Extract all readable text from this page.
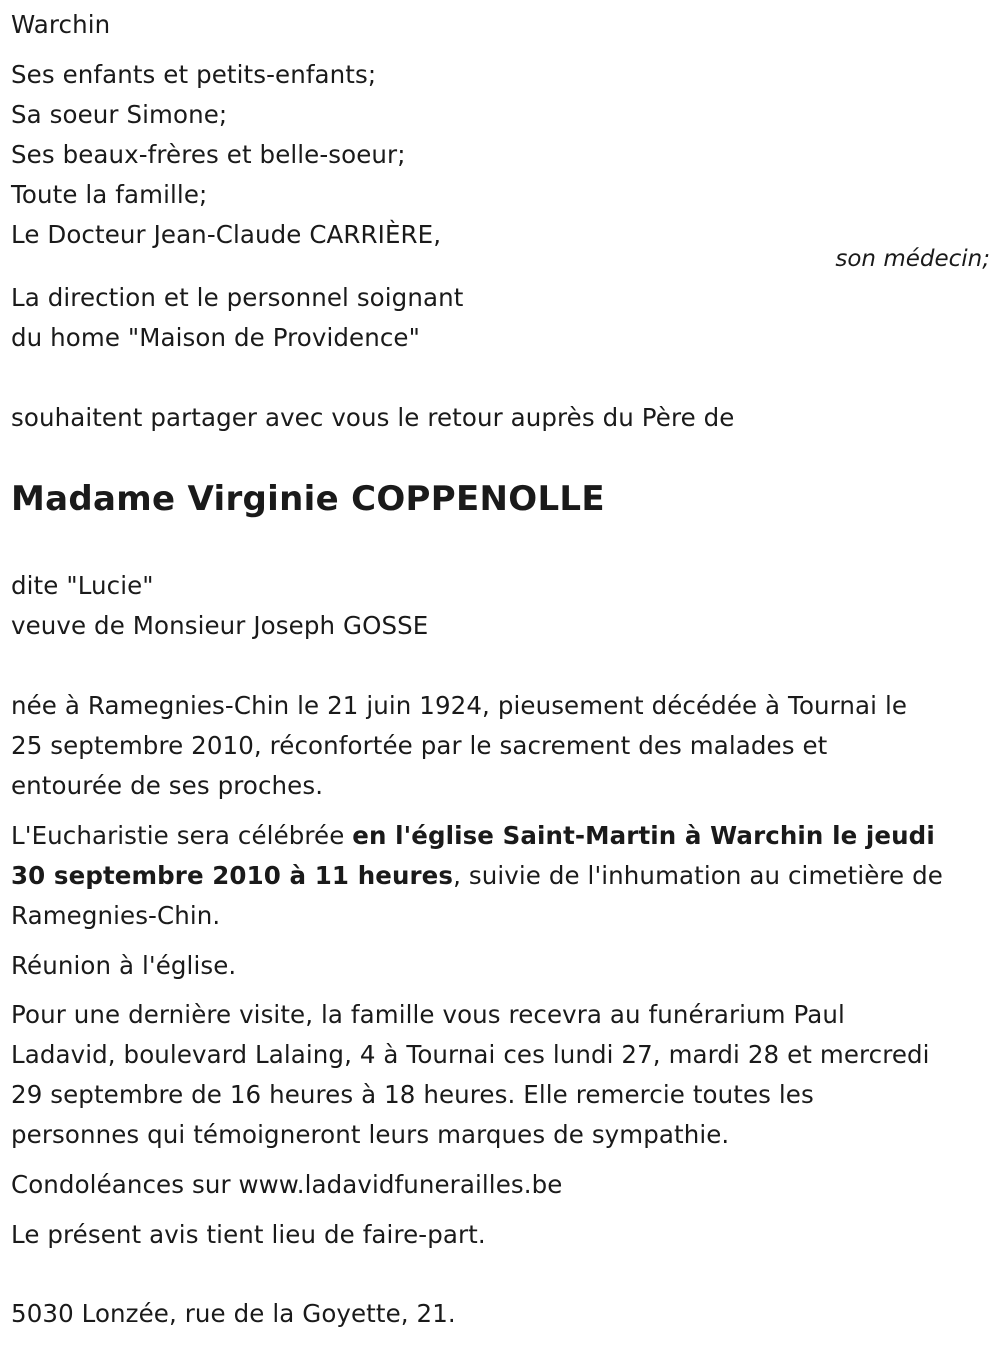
Warchin
Ses enfants et petits-enfants;
Sa soeur Simone;
Ses beaux-frères et belle-soeur;
Toute la famille;
Le Docteur Jean-Claude CARRIÈRE,
son médecin;
La direction et le personnel soignant
du home "Maison de Providence"
souhaitent partager avec vous le retour auprès du Père de
Madame Virginie COPPENOLLE
dite "Lucie"
veuve de Monsieur Joseph GOSSE
née à Ramegnies-Chin le 21 juin 1924, pieusement décédée à Tournai le
25 septembre 2010, réconfortée par le sacrement des malades et
entourée de ses proches.
L'Eucharistie sera célébrée en l'église Saint-Martin à Warchin le jeudi
30 septembre 2010 à 11 heures, suivie de l'inhumation au cimetière de
Ramegnies-Chin.
Réunion à l'église.
Pour une dernière visite, la famille vous recevra au funérarium Paul
Ladavid, boulevard Lalaing, 4 à Tournai ces lundi 27, mardi 28 et mercredi
29 septembre de 16 heures à 18 heures. Elle remercie toutes les
personnes qui témoigneront leurs marques de sympathie.
Condoléances sur www.ladavidfunerailles.be
Le présent avis tient lieu de faire-part.
5030 Lonzée, rue de la Goyette, 21.
